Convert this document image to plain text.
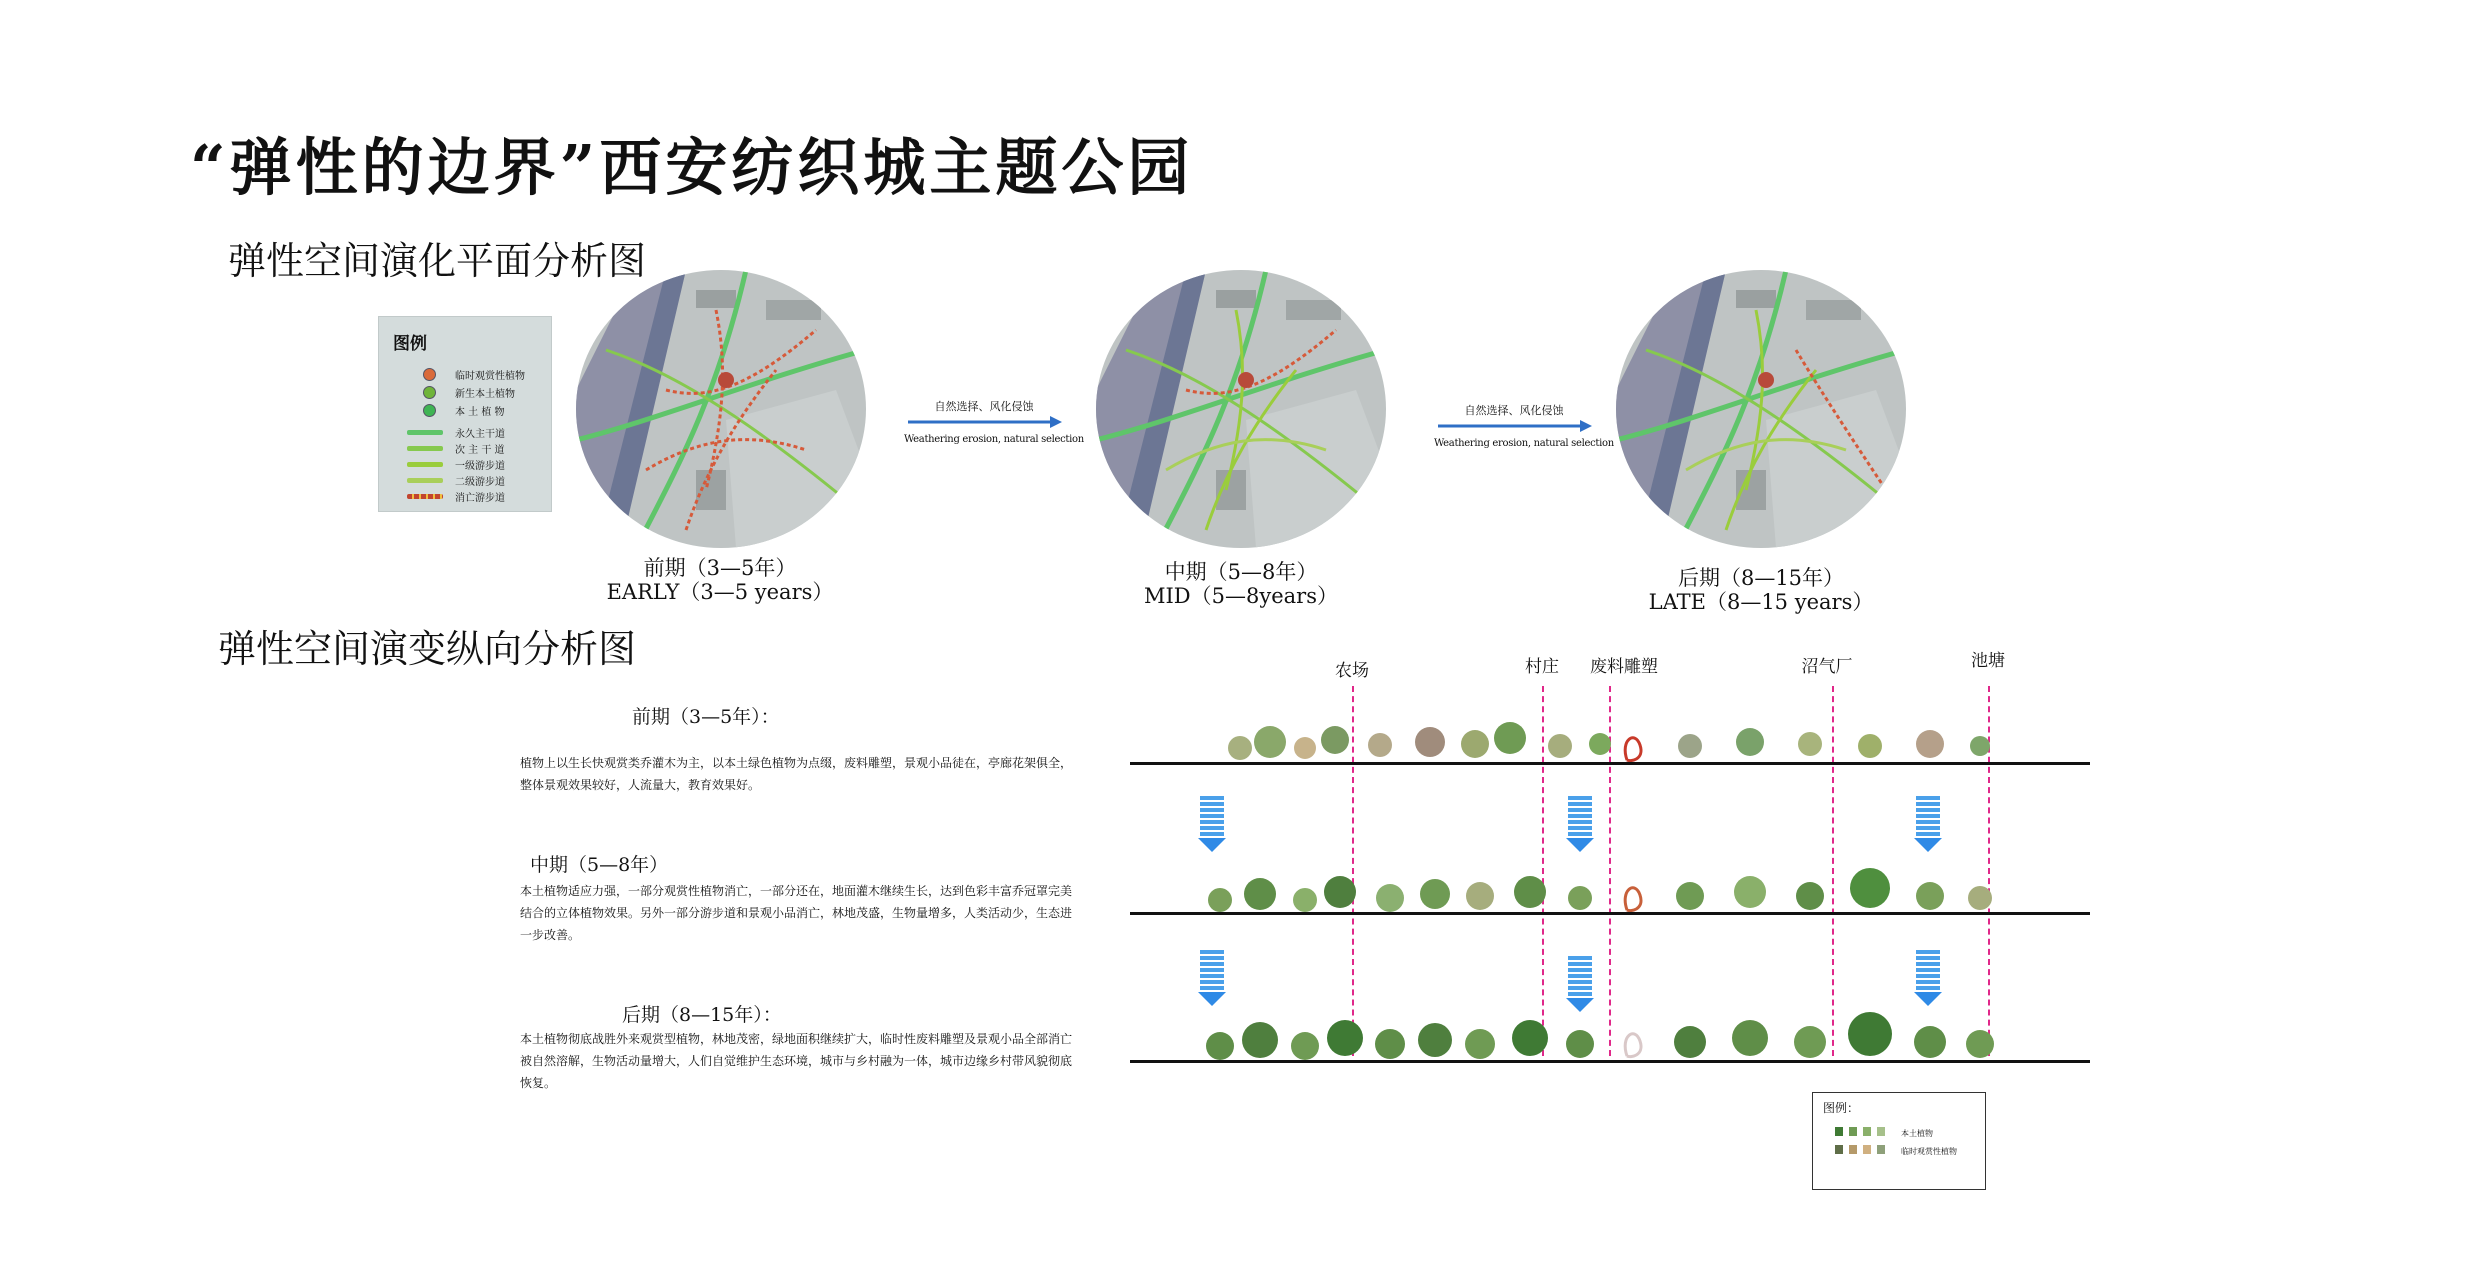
“弹性的边界”西安纺织城主题公园
弹性空间演化平面分析图
图例
临时观赏性植物
新生本土植物
本 土 植 物
永久主干道
次 主 干 道
一级游步道
二级游步道
消亡游步道
前期（3—5年）
EARLY（3—5 years）
中期（5—8年）
MID（5—8years）
后期（8—15年）
LATE（8—15 years）
自然选择、风化侵蚀
Weathering erosion, natural selection
自然选择、风化侵蚀
Weathering erosion, natural selection
弹性空间演变纵向分析图
前期（3—5年）：
植物上以生长快观赏类乔灌木为主，以本土绿色植物为点缀，废料雕塑，景观小品徒在，亭廊花架俱全，整体景观效果较好，人流量大，教育效果好。
中期（5—8年）
本土植物适应力强，一部分观赏性植物消亡，一部分还在，地面灌木继续生长，达到色彩丰富乔冠罩完美结合的立体植物效果。另外一部分游步道和景观小品消亡，林地茂盛，生物量增多，人类活动少，生态进一步改善。
后期（8—15年）：
本土植物彻底战胜外来观赏型植物，林地茂密，绿地面积继续扩大，临时性废料雕塑及景观小品全部消亡被自然溶解，生物活动量增大，人们自觉维护生态环境，城市与乡村融为一体，城市边缘乡村带风貌彻底恢复。
农场	村庄 废料雕塑	沼气厂	池塘
图例：
本土植物
临时观赏性植物
